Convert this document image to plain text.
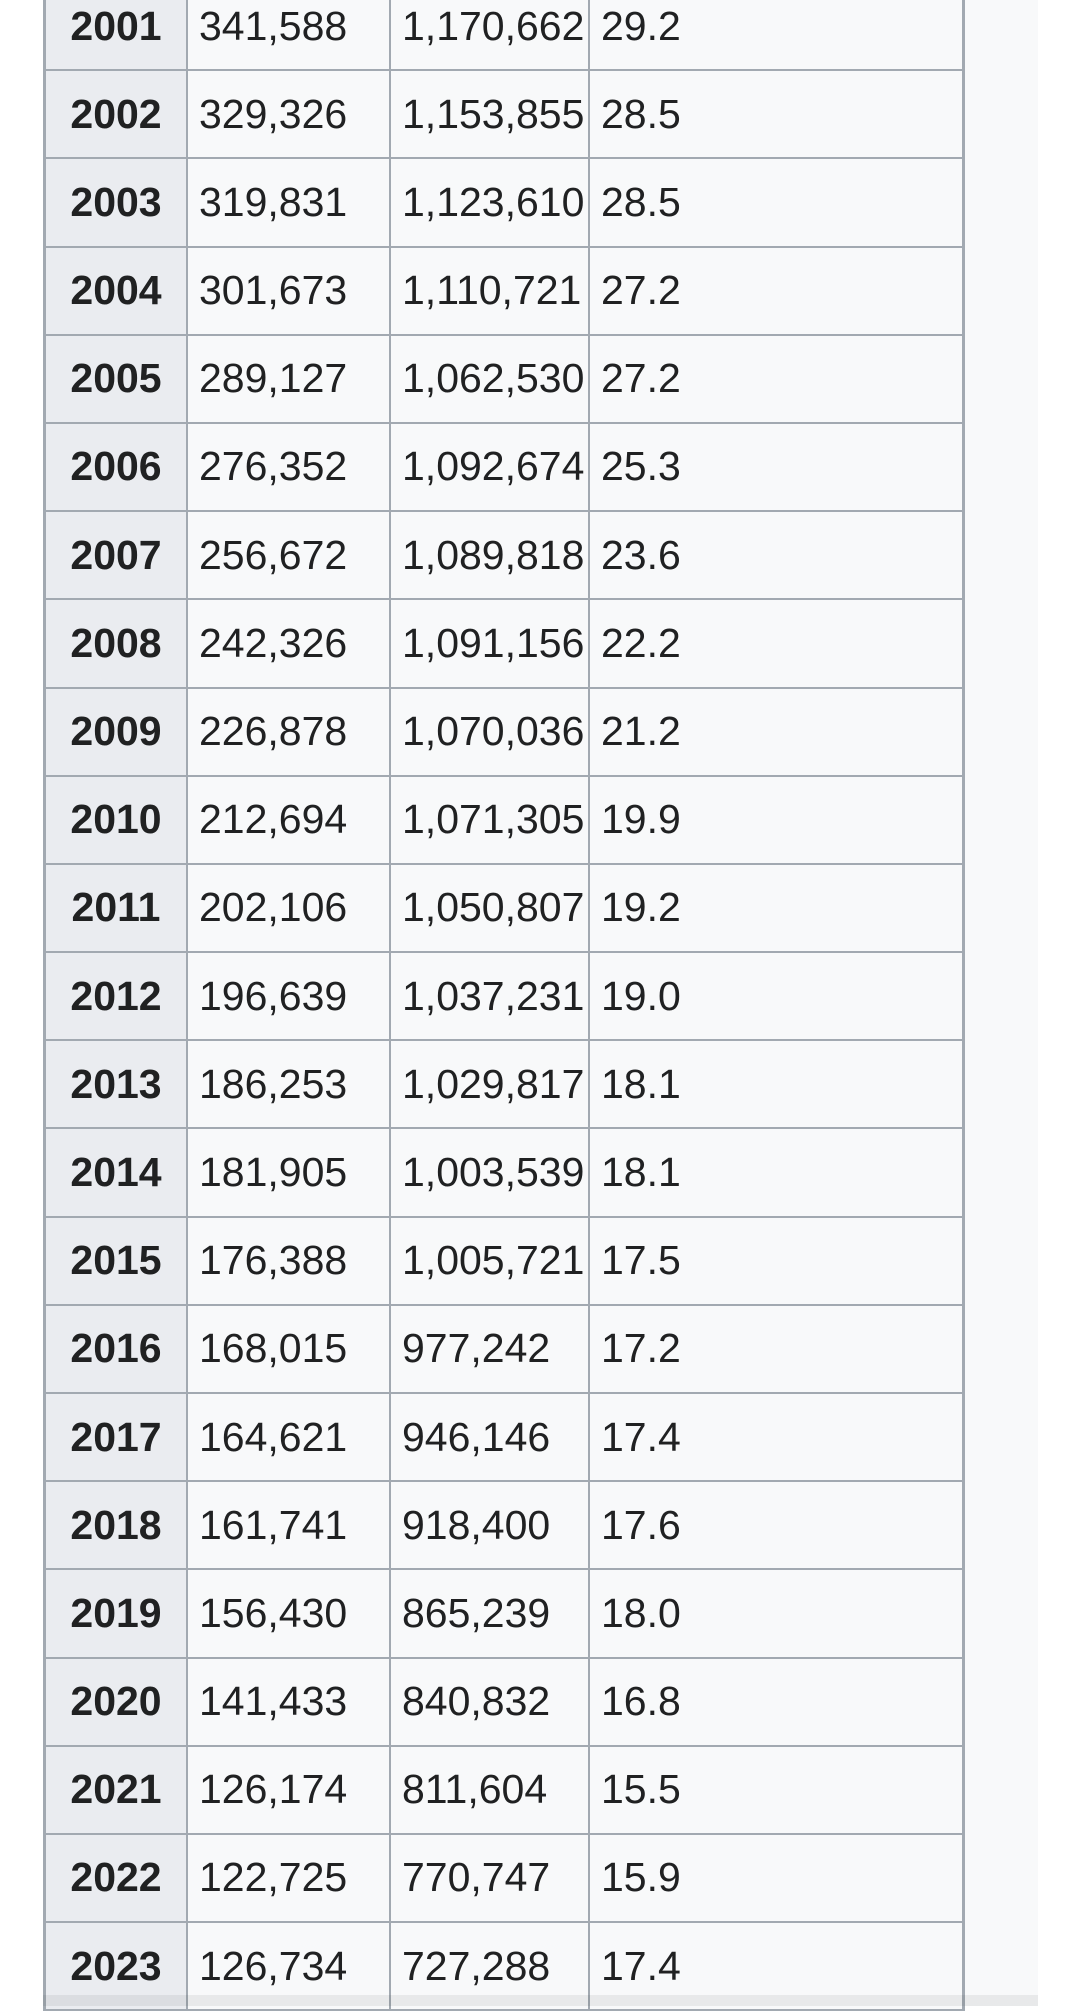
2001 341,588	1,170,662 29.2
2002 329,326	1,153,855 28.5
2003 319,831	1,123,610 28.5
2004 301,673	1,110,721 27.2
2005 289,127	1,062,530 27.2
2006 276,352	1,092,674 25.3
2007 256,672	1,089,818 23.6
2008 242,326	1,091,156 22.2
2009 226,878	1,070,036 21.2
2010 212,694	1,071,305 19.9
2011 202,106	1,050,807 19.2
2012 196,639	1,037,231 19.0
2013 186,253	1,029,817 18.1
2014 181,905	1,003,539 18.1
2015 176,388	1,005,721 17.5
2016 168,015	977,242	17.2
2017 164,621	946,146	17.4
2018 161,741	918,400	17.6
2019 156,430	865,239	18.0
2020 141,433	840,832	16.8
2021 126,174	811,604	15.5
2022 122,725	770,747	15.9
2023 126,734	727,288	17.4
